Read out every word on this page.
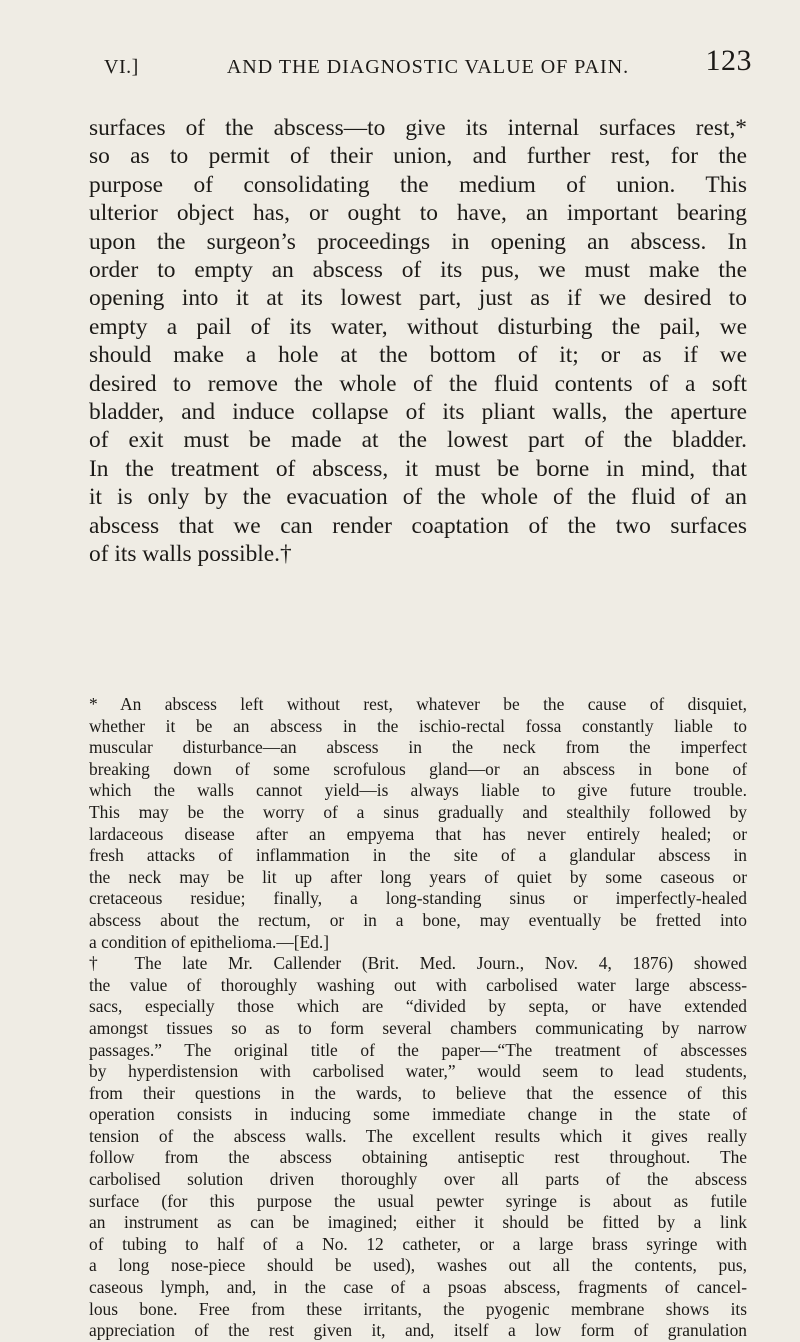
VI.]	AND THE DIAGNOSTIC VALUE OF PAIN.	123

surfaces of the abscess—to give its internal surfaces rest,*
so as to permit of their union, and further rest, for the
purpose of consolidating the medium of union. This
ulterior object has, or ought to have, an important bearing
upon the surgeon’s proceedings in opening an abscess. In
order to empty an abscess of its pus, we must make the
opening into it at its lowest part, just as if we desired to
empty a pail of its water, without disturbing the pail, we
should make a hole at the bottom of it; or as if we
desired to remove the whole of the fluid contents of a soft
bladder, and induce collapse of its pliant walls, the aperture
of exit must be made at the lowest part of the bladder.
In the treatment of abscess, it must be borne in mind, that
it is only by the evacuation of the whole of the fluid of an
abscess that we can render coaptation of the two surfaces
of its walls possible.†

* An abscess left without rest, whatever be the cause of disquiet,
whether it be an abscess in the ischio-rectal fossa constantly liable to
muscular disturbance—an abscess in the neck from the imperfect
breaking down of some scrofulous gland—or an abscess in bone of
which the walls cannot yield—is always liable to give future trouble.
This may be the worry of a sinus gradually and stealthily followed by
lardaceous disease after an empyema that has never entirely healed; or
fresh attacks of inflammation in the site of a glandular abscess in
the neck may be lit up after long years of quiet by some caseous or
cretaceous residue; finally, a long-standing sinus or imperfectly-healed
abscess about the rectum, or in a bone, may eventually be fretted into
a condition of epithelioma.—[Ed.]
† The late Mr. Callender (Brit. Med. Journ., Nov. 4, 1876) showed
the value of thoroughly washing out with carbolised water large abscess-
sacs, especially those which are “divided by septa, or have extended
amongst tissues so as to form several chambers communicating by narrow
passages.” The original title of the paper—“The treatment of abscesses
by hyperdistension with carbolised water,” would seem to lead students,
from their questions in the wards, to believe that the essence of this
operation consists in inducing some immediate change in the state of
tension of the abscess walls. The excellent results which it gives really
follow from the abscess obtaining antiseptic rest throughout. The
carbolised solution driven thoroughly over all parts of the abscess
surface (for this purpose the usual pewter syringe is about as futile
an instrument as can be imagined; either it should be fitted by a link
of tubing to half of a No. 12 catheter, or a large brass syringe with
a long nose-piece should be used), washes out all the contents, pus,
caseous lymph, and, in the case of a psoas abscess, fragments of cancel-
lous bone. Free from these irritants, the pyogenic membrane shows its
appreciation of the rest given it, and, itself a low form of granulation
